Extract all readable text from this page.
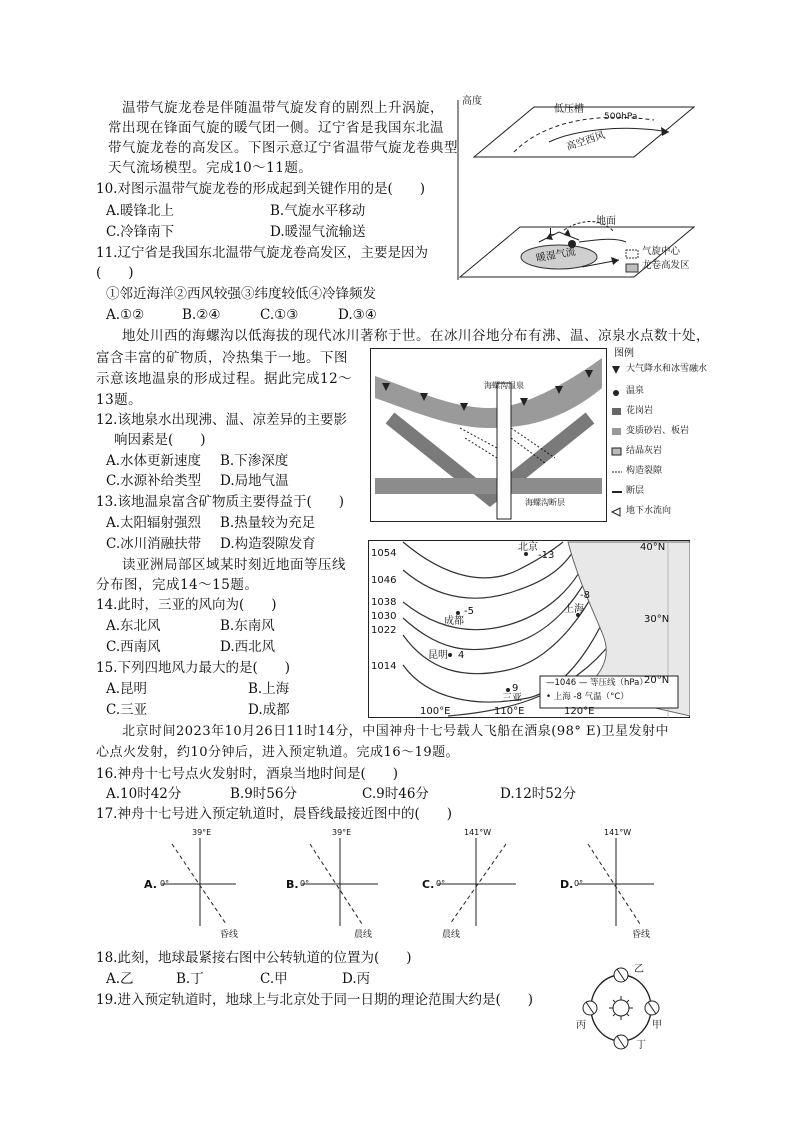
温带气旋龙卷是伴随温带气旋发育的剧烈上升涡旋，
常出现在锋面气旋的暖气团一侧。辽宁省是我国东北温
带气旋龙卷的高发区。下图示意辽宁省温带气旋龙卷典型
天气流场模型。完成10～11题。
10.对图示温带气旋龙卷的形成起到关键作用的是(　　)
A.暖锋北上	B.气旋水平移动
C.冷锋南下	D.暖湿气流输送
11.辽宁省是我国东北温带气旋龙卷高发区，主要是因为
(　　)
①邻近海洋②西风较强③纬度较低④冷锋频发
A.①②	B.②④	C.①③	D.③④
高度
低压槽
500hPa
高空西风
地面
L
暖湿气流	气旋中心
龙卷高发区
地处川西的海螺沟以低海拔的现代冰川著称于世。在冰川谷地分布有沸、温、凉泉水点数十处，
富含丰富的矿物质，冷热集于一地。下图
示意该地温泉的形成过程。据此完成12～
13题。
12.该地泉水出现沸、温、凉差异的主要影
响因素是(　　)
A.水体更新速度 B.下渗深度
C.水源补给类型 D.局地气温
13.该地温泉富含矿物质主要得益于(　　)
A.太阳辐射强烈 B.热量较为充足
C.冰川消融扶带 D.构造裂隙发育
海螺沟温泉
海螺沟断层
图例
大气降水和冰雪融水
温泉
花岗岩
变质砂岩、板岩
结晶灰岩
构造裂隙
断层
地下水流向
读亚洲局部区域某时刻近地面等压线
分布图，完成14～15题。
14.此时，三亚的风向为(　　)
A.东北风	B.东南风
C.西南风	D.西北风
15.下列四地风力最大的是(　　)
A.昆明	B.上海
C.三亚	D.成都
1054
1046
1038
1030
1022
1014
40°N
30°N
20°N
100°E	110°E	120°E
北京
-13
成都
-5
昆明 4
上海
-8
三亚
9	—1046 — 等压线（hPa）
• 上海 -8 气温（°C）
北京时间2023年10月26日11时14分，中国神舟十七号载人飞船在酒泉(98° E)卫星发射中
心点火发射，约10分钟后，进入预定轨道。完成16～19题。
16.神舟十七号点火发射时，酒泉当地时间是(　　)
A.10时42分	B.9时56分	C.9时46分	D.12时52分
17.神舟十七号进入预定轨道时，晨昏线最接近图中的(　　)
A. 0°
39°E
昏线
B. 0°
39°E
晨线
C. 0°
141°W
晨线
D. 0°
141°W
昏线
18.此刻，地球最紧接右图中公转轨道的位置为(　　)
A.乙	B.丁	C.甲	D.丙
19.进入预定轨道时，地球上与北京处于同一日期的理论范围大约是(　　)
乙
甲
丙
丁
